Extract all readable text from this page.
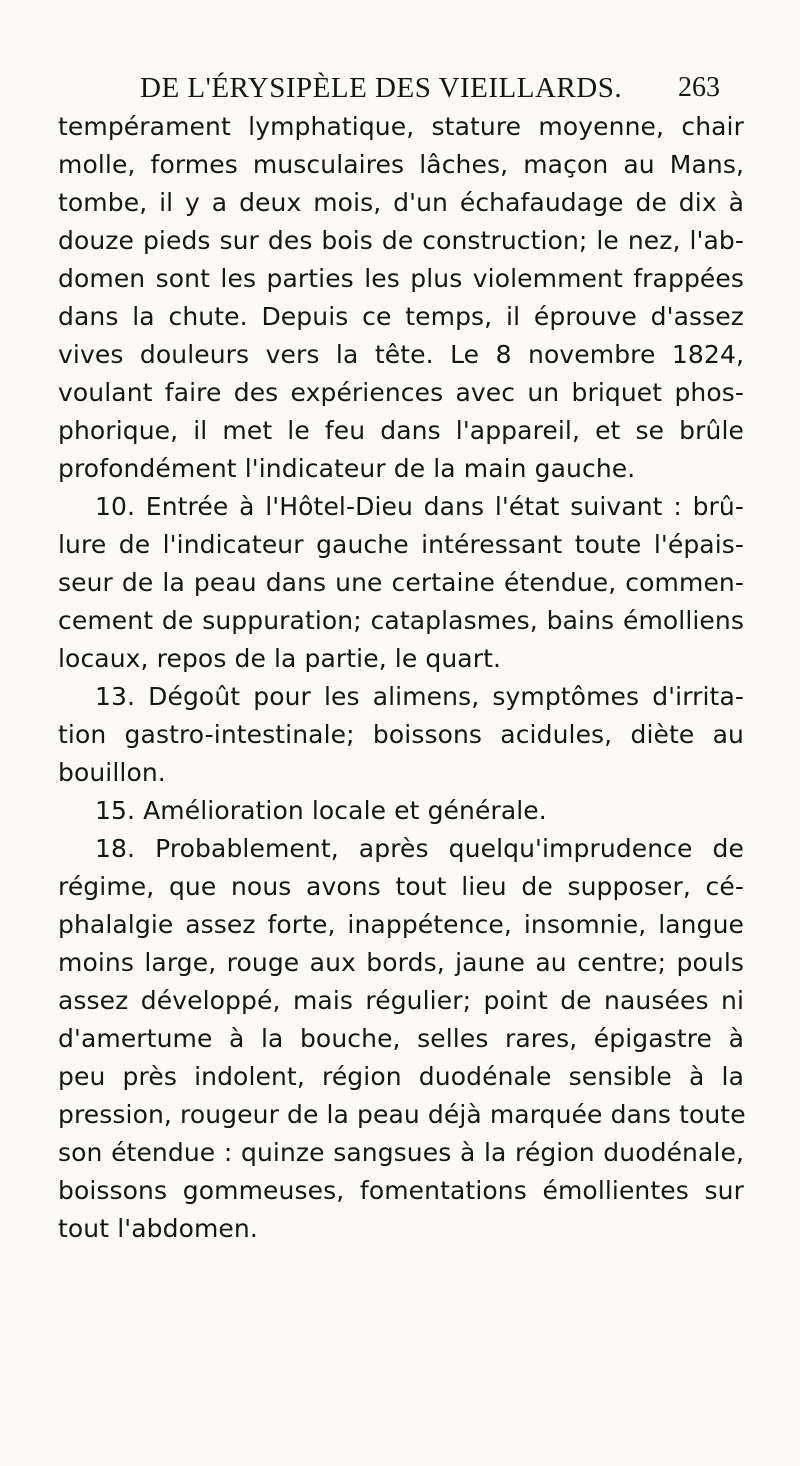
DE L'ÉRYSIPÈLE DES VIEILLARDS. 263
tempérament lymphatique, stature moyenne, chair
molle, formes musculaires lâches, maçon au Mans,
tombe, il y a deux mois, d'un échafaudage de dix à
douze pieds sur des bois de construction; le nez, l'ab-
domen sont les parties les plus violemment frappées
dans la chute. Depuis ce temps, il éprouve d'assez
vives douleurs vers la tête. Le 8 novembre 1824,
voulant faire des expériences avec un briquet phos-
phorique, il met le feu dans l'appareil, et se brûle
profondément l'indicateur de la main gauche.
10. Entrée à l'Hôtel-Dieu dans l'état suivant : brû-
lure de l'indicateur gauche intéressant toute l'épais-
seur de la peau dans une certaine étendue, commen-
cement de suppuration; cataplasmes, bains émolliens
locaux, repos de la partie, le quart.
13. Dégoût pour les alimens, symptômes d'irrita-
tion gastro-intestinale; boissons acidules, diète au
bouillon.
15. Amélioration locale et générale.
18. Probablement, après quelqu'imprudence de
régime, que nous avons tout lieu de supposer, cé-
phalalgie assez forte, inappétence, insomnie, langue
moins large, rouge aux bords, jaune au centre; pouls
assez développé, mais régulier; point de nausées ni
d'amertume à la bouche, selles rares, épigastre à
peu près indolent, région duodénale sensible à la
pression, rougeur de la peau déjà marquée dans toute
son étendue : quinze sangsues à la région duodénale,
boissons gommeuses, fomentations émollientes sur
tout l'abdomen.
